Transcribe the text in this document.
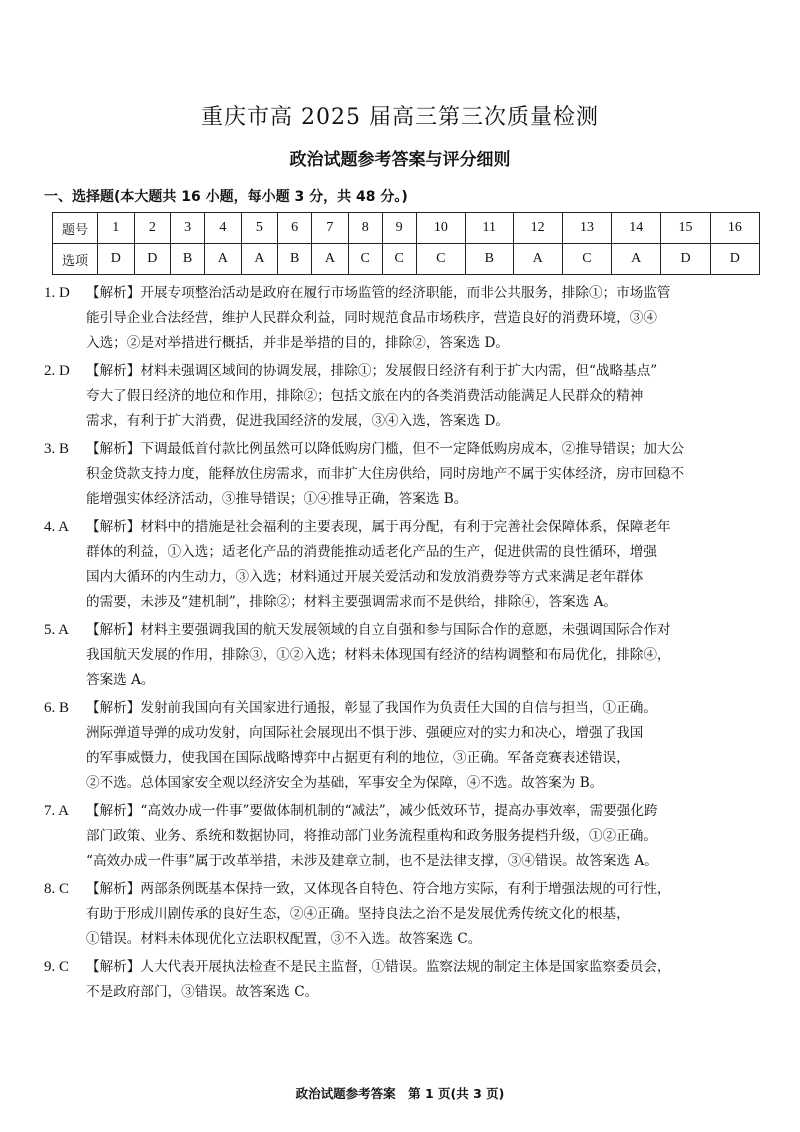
重庆市高 2025 届高三第三次质量检测
政治试题参考答案与评分细则
一、选择题(本大题共 16 小题，每小题 3 分，共 48 分。)
题号	1	2	3	4	5	6	7	8	9	10	11	12	13	14	15	16
选项	D	D	B	A	A	B	A	C	C	C	B	A	C	A	D	D
1. D 【解析】开展专项整治活动是政府在履行市场监管的经济职能，而非公共服务，排除①；市场监管
能引导企业合法经营，维护人民群众利益，同时规范食品市场秩序，营造良好的消费环境，③④
入选；②是对举措进行概括，并非是举措的目的，排除②，答案选 D。
2. D 【解析】材料未强调区域间的协调发展，排除①；发展假日经济有利于扩大内需，但“战略基点”
夸大了假日经济的地位和作用，排除②；包括文旅在内的各类消费活动能满足人民群众的精神
需求，有利于扩大消费，促进我国经济的发展，③④入选，答案选 D。
3. B 【解析】下调最低首付款比例虽然可以降低购房门槛，但不一定降低购房成本，②推导错误；加大公
积金贷款支持力度，能释放住房需求，而非扩大住房供给，同时房地产不属于实体经济，房市回稳不
能增强实体经济活动，③推导错误；①④推导正确，答案选 B。
4. A 【解析】材料中的措施是社会福利的主要表现，属于再分配，有利于完善社会保障体系，保障老年
群体的利益，①入选；适老化产品的消费能推动适老化产品的生产，促进供需的良性循环，增强
国内大循环的内生动力，③入选；材料通过开展关爱活动和发放消费券等方式来满足老年群体
的需要，未涉及“建机制”，排除②；材料主要强调需求而不是供给，排除④，答案选 A。
5. A 【解析】材料主要强调我国的航天发展领域的自立自强和参与国际合作的意愿，未强调国际合作对
我国航天发展的作用，排除③，①②入选；材料未体现国有经济的结构调整和布局优化，排除④，
答案选 A。
6. B 【解析】发射前我国向有关国家进行通报，彰显了我国作为负责任大国的自信与担当，①正确。
洲际弹道导弹的成功发射，向国际社会展现出不惧于涉、强硬应对的实力和决心，增强了我国
的军事威慑力，使我国在国际战略博弈中占据更有利的地位，③正确。军备竞赛表述错误，
②不选。总体国家安全观以经济安全为基础，军事安全为保障，④不选。故答案为 B。
7. A 【解析】“高效办成一件事”要做体制机制的“减法”，减少低效环节，提高办事效率，需要强化跨
部门政策、业务、系统和数据协同，将推动部门业务流程重构和政务服务提档升级，①②正确。
“高效办成一件事”属于改革举措，未涉及建章立制，也不是法律支撑，③④错误。故答案选 A。
8. C 【解析】两部条例既基本保持一致，又体现各自特色、符合地方实际，有利于增强法规的可行性，
有助于形成川剧传承的良好生态，②④正确。坚持良法之治不是发展优秀传统文化的根基，
①错误。材料未体现优化立法职权配置，③不入选。故答案选 C。
9. C 【解析】人大代表开展执法检查不是民主监督，①错误。监察法规的制定主体是国家监察委员会，
不是政府部门，③错误。故答案选 C。
政治试题参考答案　第 1 页(共 3 页)
